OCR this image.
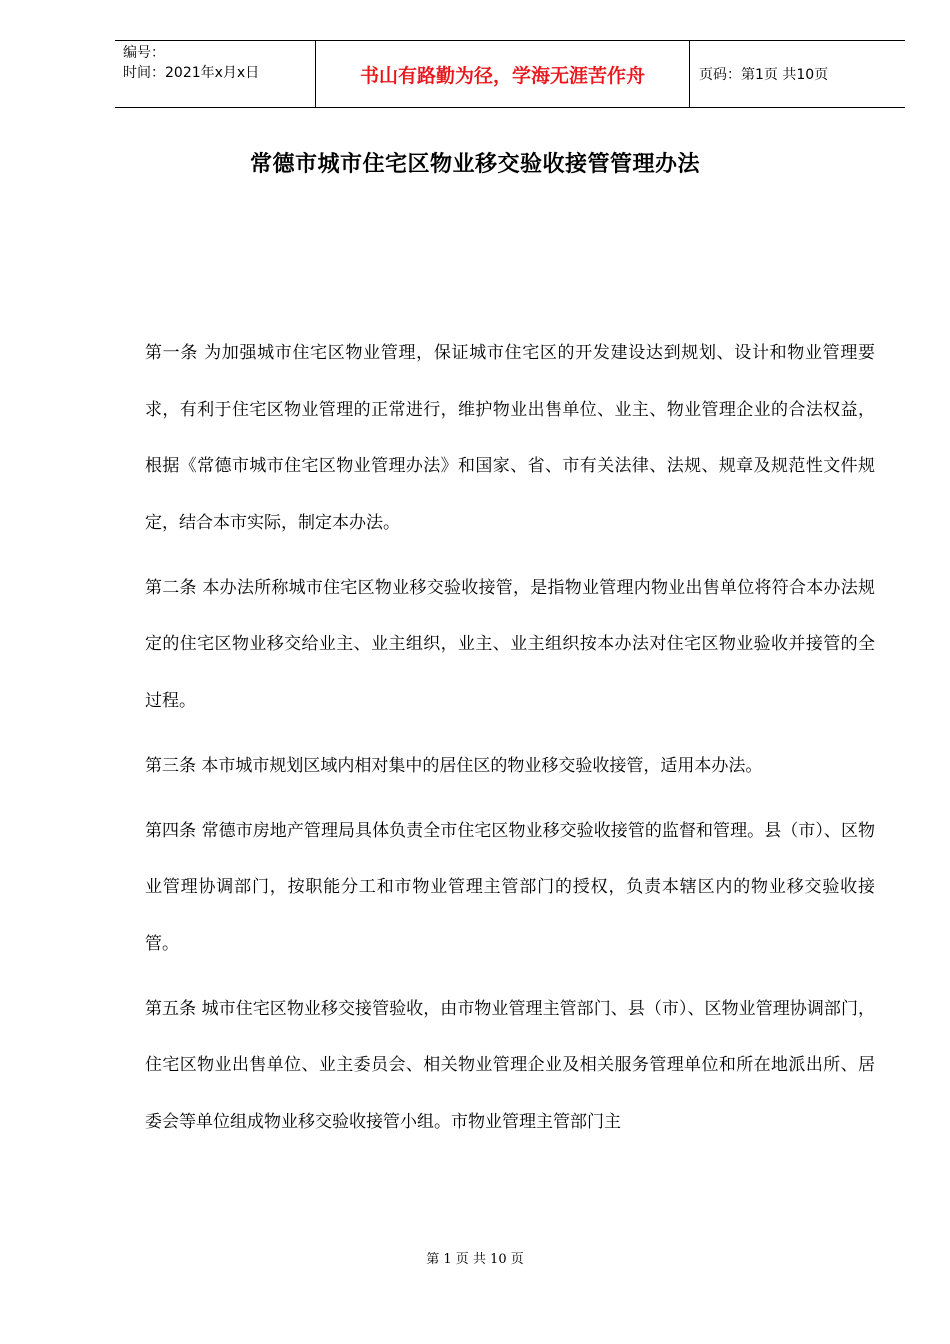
编号：
时间：2021年x月x日	书山有路勤为径，学海无涯苦作舟	页码：第1页 共10页
常德市城市住宅区物业移交验收接管管理办法

第一条 为加强城市住宅区物业管理，保证城市住宅区的开发建设达到规划、设计和物业管理要求，有利于住宅区物业管理的正常进行，维护物业出售单位、业主、物业管理企业的合法权益，根据《常德市城市住宅区物业管理办法》和国家、省、市有关法律、法规、规章及规范性文件规定，结合本市实际，制定本办法。

第二条 本办法所称城市住宅区物业移交验收接管，是指物业管理内物业出售单位将符合本办法规定的住宅区物业移交给业主、业主组织，业主、业主组织按本办法对住宅区物业验收并接管的全过程。

第三条 本市城市规划区域内相对集中的居住区的物业移交验收接管，适用本办法。

第四条 常德市房地产管理局具体负责全市住宅区物业移交验收接管的监督和管理。县（市）、区物业管理协调部门，按职能分工和市物业管理主管部门的授权，负责本辖区内的物业移交验收接管。

第五条 城市住宅区物业移交接管验收，由市物业管理主管部门、县（市）、区物业管理协调部门，住宅区物业出售单位、业主委员会、相关物业管理企业及相关服务管理单位和所在地派出所、居委会等单位组成物业移交验收接管小组。市物业管理主管部门主

第 1 页 共 10 页
